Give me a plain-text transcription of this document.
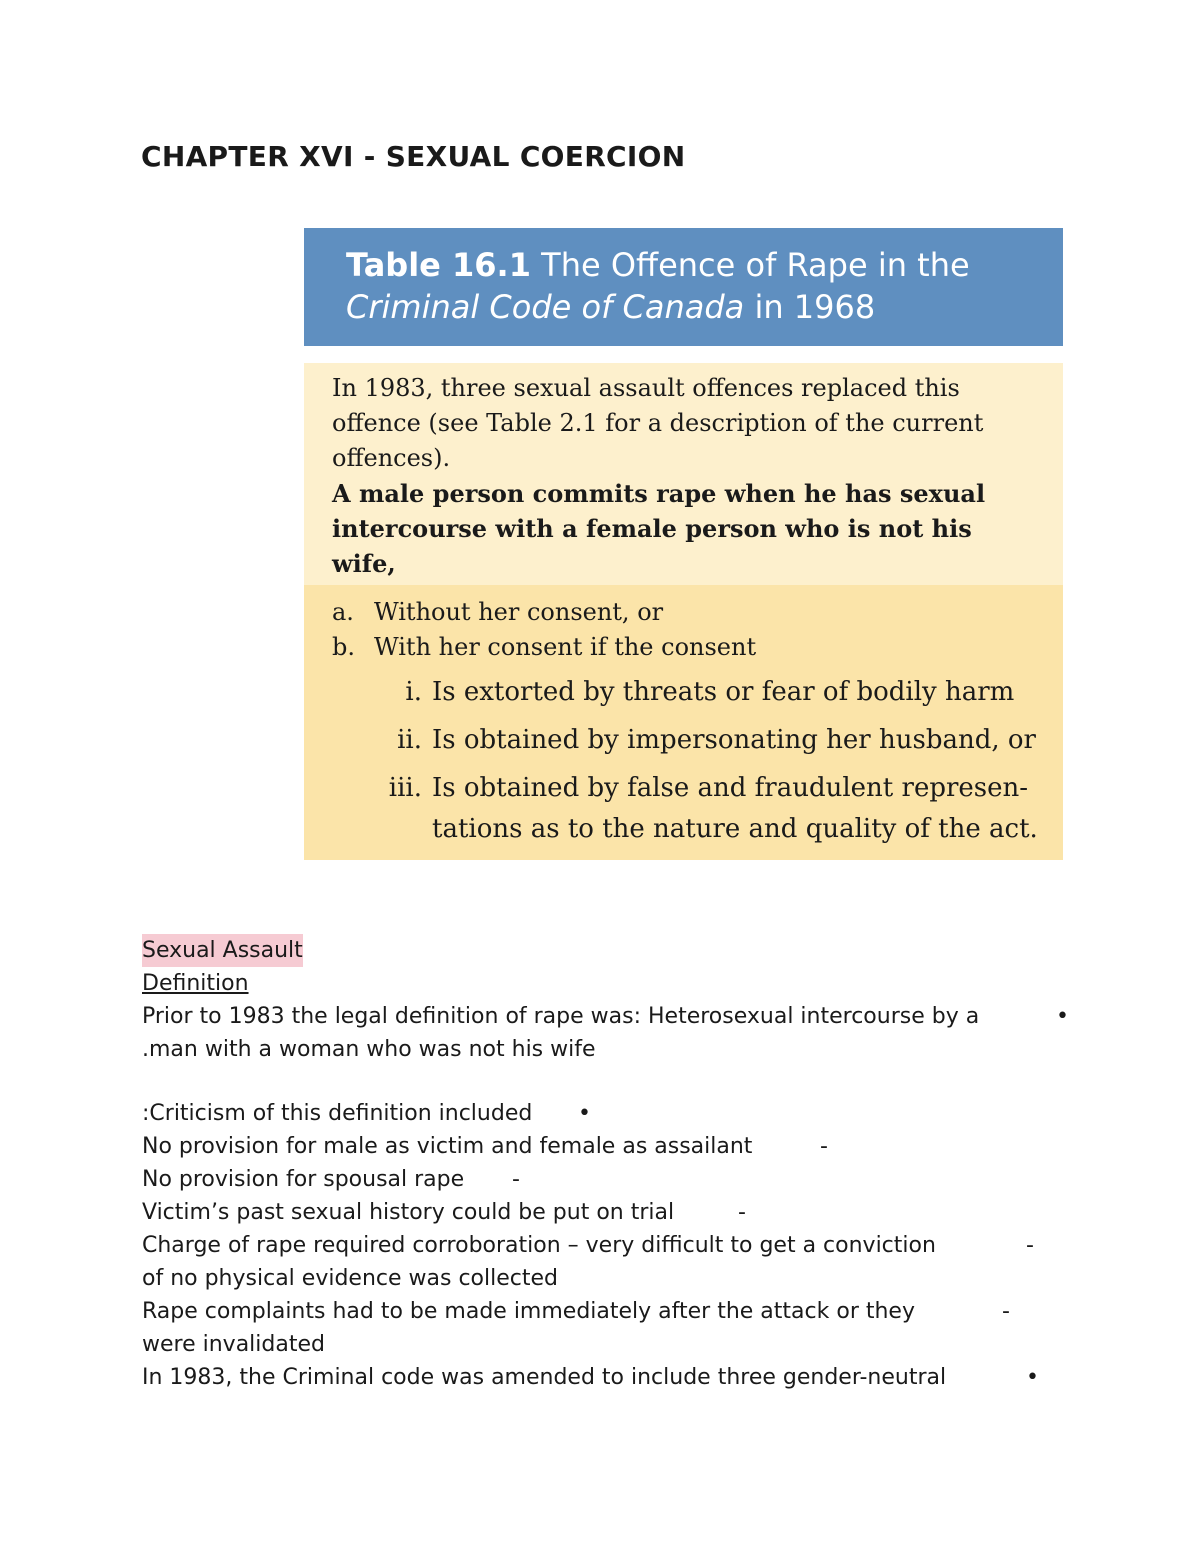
CHAPTER XVI - SEXUAL COERCION
Table 16.1 The Offence of Rape in the
Criminal Code of Canada in 1968
In 1983, three sexual assault offences replaced this
offence (see Table 2.1 for a description of the current
offences).
A male person commits rape when he has sexual
intercourse with a female person who is not his wife,
a. Without her consent, or
b. With her consent if the consent
i. Is extorted by threats or fear of bodily harm
ii. Is obtained by impersonating her husband, or
iii. Is obtained by false and fraudulent represen-
tations as to the nature and quality of the act.
Sexual Assault
Definition
Prior to 1983 the legal definition of rape was: Heterosexual intercourse by a	•
.man with a woman who was not his wife
:Criticism of this definition included •
No provision for male as victim and female as assailant	-
No provision for spousal rape -
Victim’s past sexual history could be put on trial	-
Charge of rape required corroboration – very difficult to get a conviction	-
of no physical evidence was collected
Rape complaints had to be made immediately after the attack or they	-
were invalidated
In 1983, the Criminal code was amended to include three gender-neutral	•
